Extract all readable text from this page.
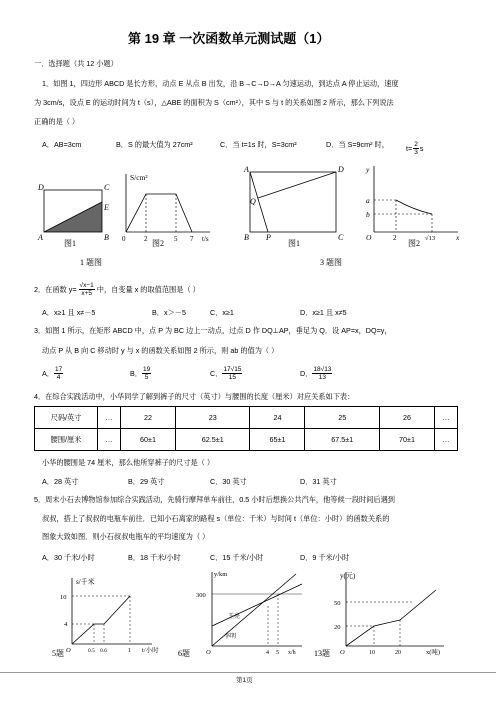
第 19 章 一次函数单元测试题（1）
一．选择题（共 12 小题）
1．如图 1，四边形 ABCD 是长方形，动点 E 从点 B 出发，沿 B→C→D→A 匀速运动，到达点 A 停止运动，速度
为 3cm/s，设点 E 的运动时间为 t（s），△ABE 的面积为 S（cm²），其中 S 与 t 的关系如图 2 所示，那么下列说法
正确的是（ ）
A．AB=3cm	B．S 的最大值为 27cm²	C．当 t=1s 时，S=3cm²	D．当 S=9cm² 时， $t= \frac{2}{3}$ s
D	C
E
A	B
图1
S/cm²
t/s
0	2	5 7
图2
A	D
Q
B P	C
图1
y
a
b
O	2	√13	x
图2
1 题图	3 题图
2．在函数 $y= \frac{√x-1}{x+5}$ 中，自变量 x 的取值范围是（ ）
A．x≥1 且 x≠－5	B．x＞－5	C．x≥1	D．x≥1 且 x≠5
3．如图 1 所示，在矩形 ABCD 中，点 P 为 BC 边上一动点，过点 D 作 DQ⊥AP，垂足为 Q．设 AP=x，DQ=y，
动点 P 从 B 向 C 移动时 y 与 x 的函数关系如图 2 所示，则 ab 的值为（ ）
A． $\frac{17}{4}$	B． $\frac{19}{5}$	C． $\frac{17√15}{15}$	D． $\frac{18√13}{13}$
4．在综合实践活动中，小华同学了解到裤子的尺寸（英寸）与腰围的长度（厘米）对应关系如下表：
尺码/英寸	…	22	23	24	25	26	…
腰围/厘米	…	60±1	62.5±1	65±1	67.5±1	70±1	…
小华的腰围是 74 厘米，那么他所穿裤子的尺寸是（ ）
A．28 英寸	B．29 英寸	C．30 英寸	D．31 英寸
5．周末小石去博物馆参加综合实践活动，先骑行摩拜单车前往，0.5 小时后想换公共汽车，他等候一段时间后遇到
叔叔，搭上了叔叔的电瓶车前往．已知小石离家的路程 s（单位：千米）与时间 t（单位：小时）的函数关系的
图象大致如图．则小石叔叔电瓶车的平均速度为（ ）
A．30 千米/小时	B．18 千米/小时	C．15 千米/小时	D．9 千米/小时
s/千米
10
4
O	0.5 0.6	1 t/小时
5题
y/km
300
王亮
李明
O	4 5 x/h
6题
y(元)
50
20
O	10	20	x(吨)
13题
第1页
